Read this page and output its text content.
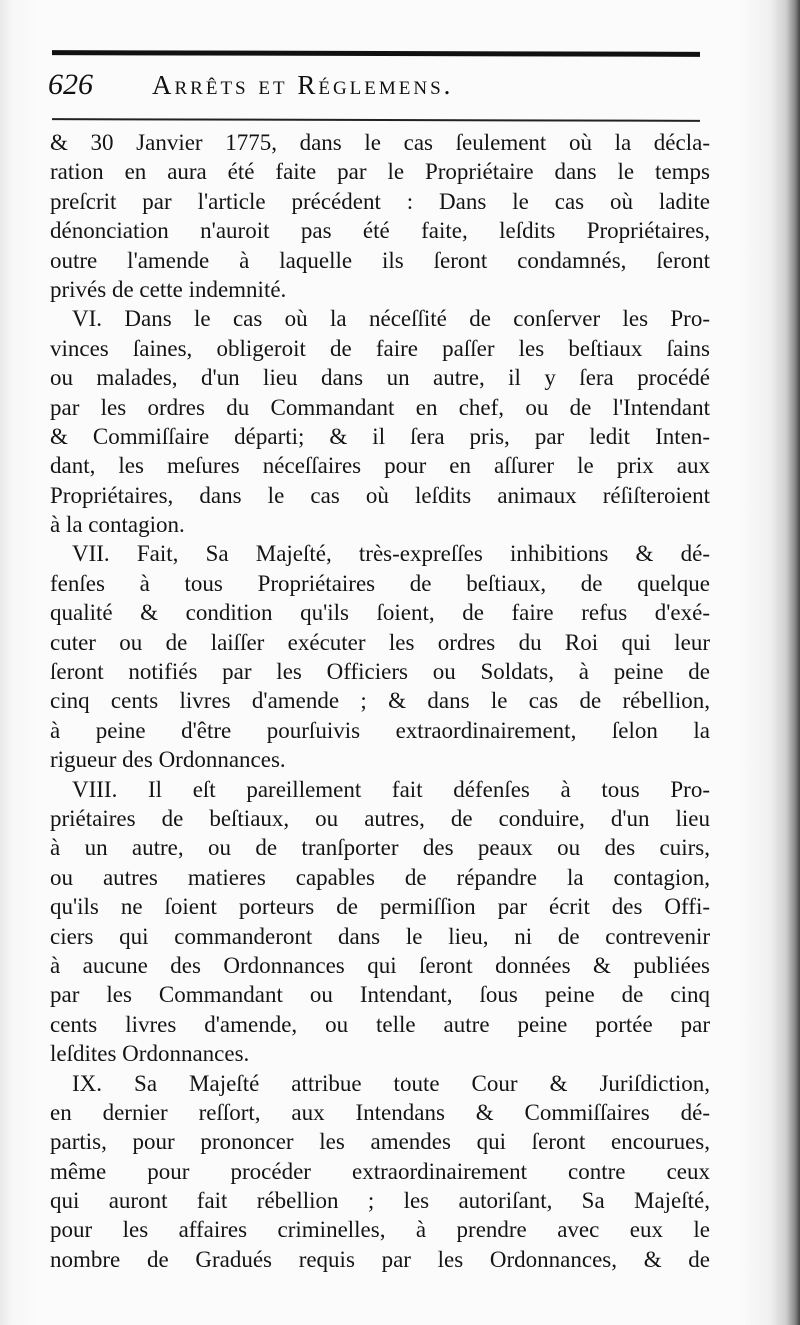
626 Arrêts et Réglemens.
& 30 Janvier 1775, dans le cas ſeulement où la décla-
ration en aura été faite par le Propriétaire dans le temps
preſcrit par l'article précédent : Dans le cas où ladite
dénonciation n'auroit pas été faite, leſdits Propriétaires,
outre l'amende à laquelle ils ſeront condamnés, ſeront
privés de cette indemnité.
VI. Dans le cas où la néceſſité de conſerver les Pro-
vinces ſaines, obligeroit de faire paſſer les beſtiaux ſains
ou malades, d'un lieu dans un autre, il y ſera procédé
par les ordres du Commandant en chef, ou de l'Intendant
& Commiſſaire départi; & il ſera pris, par ledit Inten-
dant, les meſures néceſſaires pour en aſſurer le prix aux
Propriétaires, dans le cas où leſdits animaux réſiſteroient
à la contagion.
VII. Fait, Sa Majeſté, très-expreſſes inhibitions & dé-
fenſes à tous Propriétaires de beſtiaux, de quelque
qualité & condition qu'ils ſoient, de faire refus d'exé-
cuter ou de laiſſer exécuter les ordres du Roi qui leur
ſeront notifiés par les Officiers ou Soldats, à peine de
cinq cents livres d'amende ; & dans le cas de rébellion,
à peine d'être pourſuivis extraordinairement, ſelon la
rigueur des Ordonnances.
VIII. Il eſt pareillement fait défenſes à tous Pro-
priétaires de beſtiaux, ou autres, de conduire, d'un lieu
à un autre, ou de tranſporter des peaux ou des cuirs,
ou autres matieres capables de répandre la contagion,
qu'ils ne ſoient porteurs de permiſſion par écrit des Offi-
ciers qui commanderont dans le lieu, ni de contrevenir
à aucune des Ordonnances qui ſeront données & publiées
par les Commandant ou Intendant, ſous peine de cinq
cents livres d'amende, ou telle autre peine portée par
leſdites Ordonnances.
IX. Sa Majeſté attribue toute Cour & Juriſdiction,
en dernier reſſort, aux Intendans & Commiſſaires dé-
partis, pour prononcer les amendes qui ſeront encourues,
même pour procéder extraordinairement contre ceux
qui auront fait rébellion ; les autoriſant, Sa Majeſté,
pour les affaires criminelles, à prendre avec eux le
nombre de Gradués requis par les Ordonnances, & de
